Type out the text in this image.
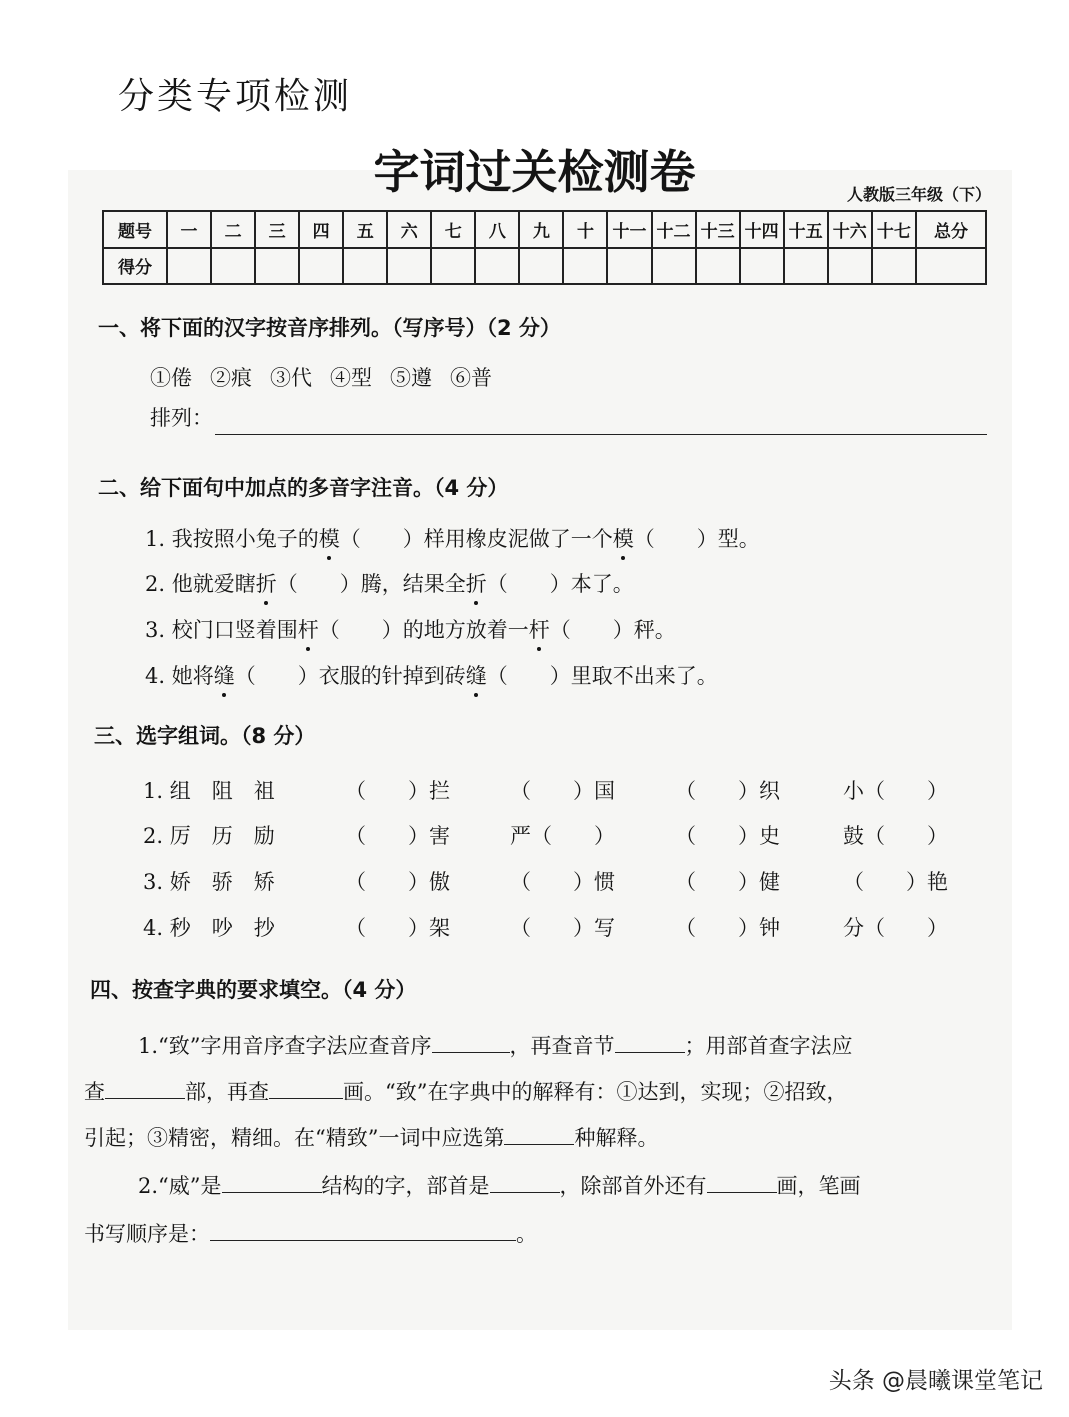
分类专项检测
字词过关检测卷	人教版三年级（下）
题号	一	二	三	四	五	六	七	八	九	十	十一	十二	十三	十四	十五	十六	十七	总分
得分																		
一、将下面的汉字按音序排列。（写序号）（2 分）
①倦 ②痕 ③代 ④型 ⑤遵 ⑥普
排列：
二、给下面句中加点的多音字注音。（4 分）
1. 我按照小兔子的模（　　）样用橡皮泥做了一个模（　　）型。
2. 他就爱瞎折（　　）腾，结果全折（　　）本了。
3. 校门口竖着围杆（　　）的地方放着一杆（　　）秤。
4. 她将缝（　　）衣服的针掉到砖缝（　　）里取不出来了。
三、选字组词。（8 分）
1. 组　阻　祖	（　　）拦	（　　）国	（　　）织	小（　　）
2. 厉　历　励	（　　）害	严（　　）	（　　）史	鼓（　　）
3. 娇　骄　矫	（　　）傲	（　　）惯	（　　）健	（　　）艳
4. 秒　吵　抄	（　　）架	（　　）写	（　　）钟	分（　　）
四、按查字典的要求填空。（4 分）
1.“致”字用音序查字法应查音序	，再查音节	；用部首查字法应
查	部，再查	画。“致”在字典中的解释有：①达到，实现；②招致，
引起；③精密，精细。在“精致”一词中应选第	种解释。
2.“威”是	结构的字，部首是	，除部首外还有	画，笔画
书写顺序是：	。
头条 @晨曦课堂笔记
